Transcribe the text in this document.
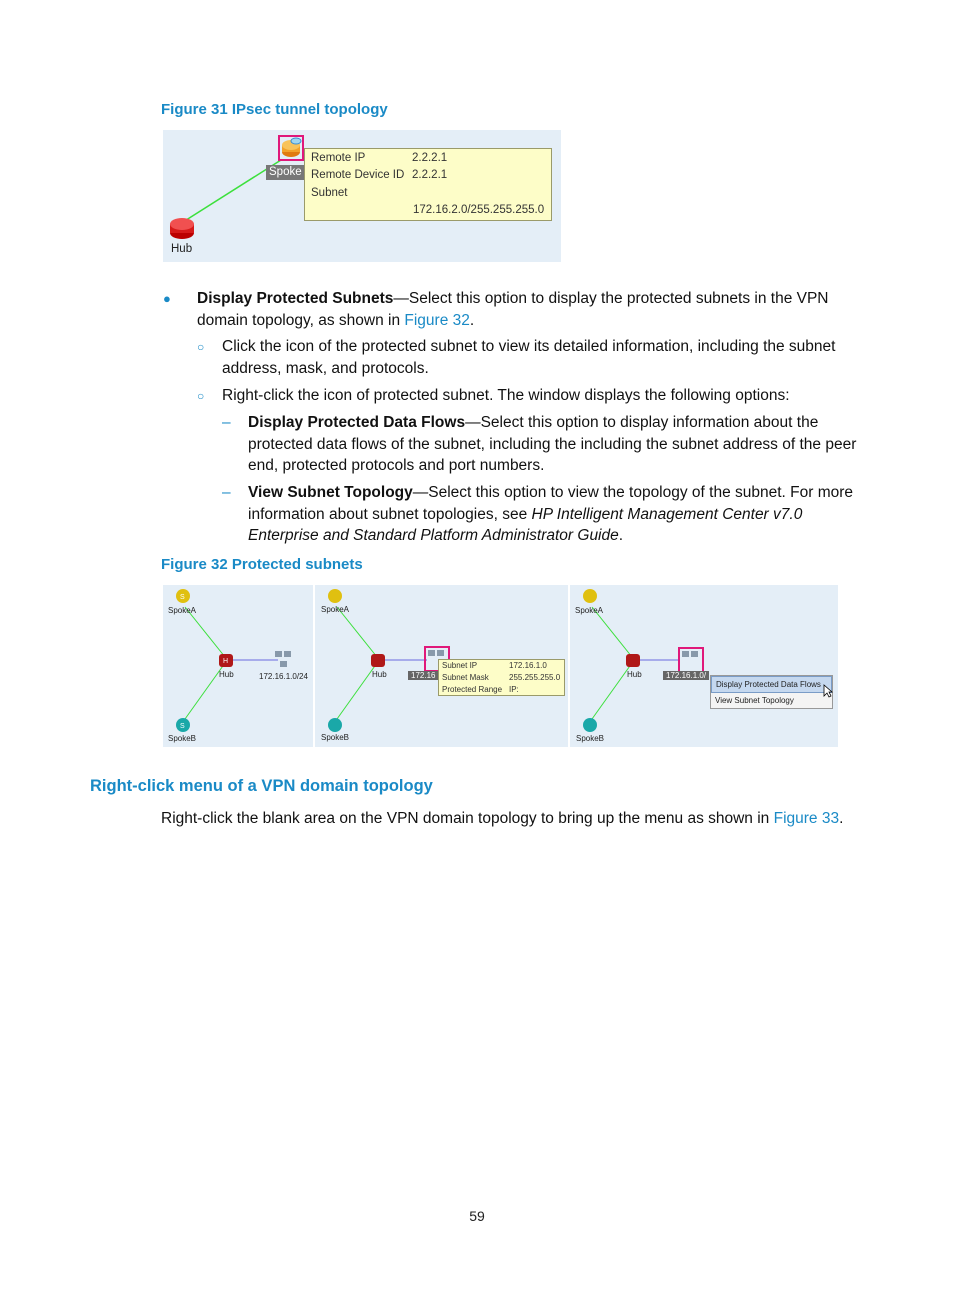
Figure 31 IPsec tunnel topology
Spoke
Hub
Remote IP	2.2.2.1
Remote Device ID 2.2.2.1
Subnet
172.16.2.0/255.255.255.0
● Display Protected Subnets—Select this option to display the protected subnets in the VPN domain topology, as shown in Figure 32.
○ Click the icon of the protected subnet to view its detailed information, including the subnet address, mask, and protocols.
○ Right-click the icon of protected subnet. The window displays the following options:
– Display Protected Data Flows—Select this option to display information about the protected data flows of the subnet, including the including the subnet address of the peer end, protected protocols and port numbers.
– View Subnet Topology—Select this option to view the topology of the subnet. For more information about subnet topologies, see HP Intelligent Management Center v7.0 Enterprise and Standard Platform Administrator Guide.
Figure 32 Protected subnets
S
H
S
SpokeA
Hub	172.16.1.0/24
SpokeB
SpokeA
Hub
SpokeB
172.16
Subnet IP	172.16.1.0
Subnet Mask	255.255.255.0
Protected Range IP:
SpokeA
Hub
SpokeB
172.16.1.0/
Display Protected Data Flows
View Subnet Topology
Right-click menu of a VPN domain topology
Right-click the blank area on the VPN domain topology to bring up the menu as shown in Figure 33.
59
